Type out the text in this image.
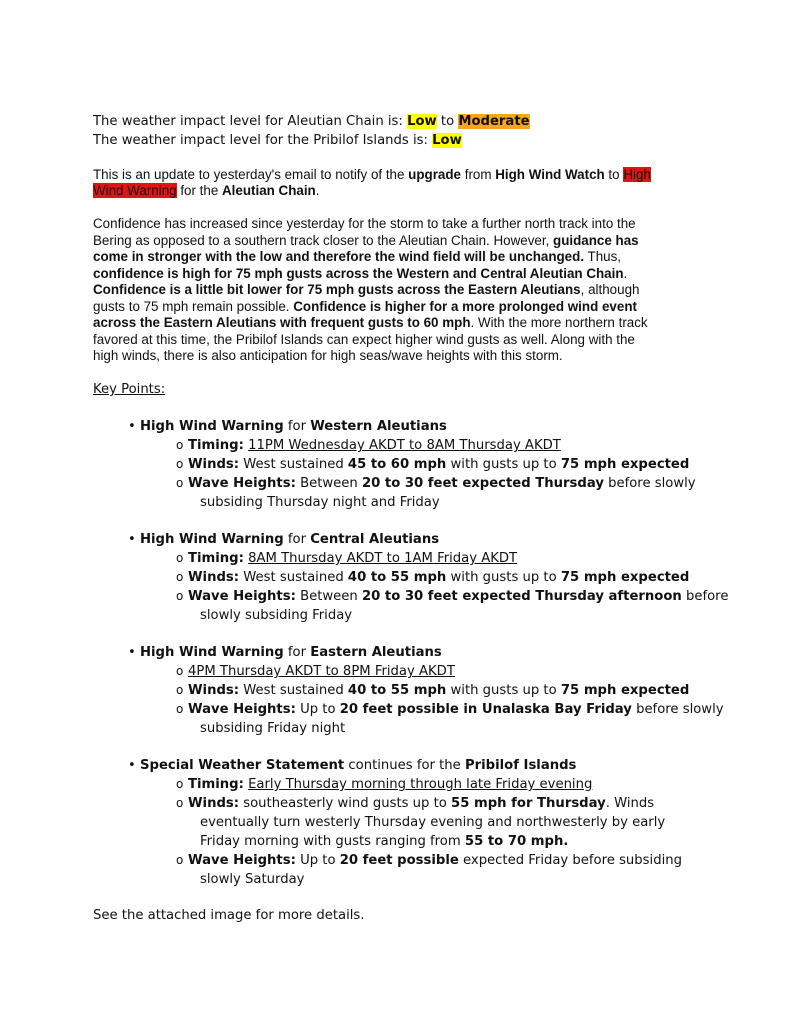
The weather impact level for Aleutian Chain is: Low to Moderate
The weather impact level for the Pribilof Islands is: Low
This is an update to yesterday's email to notify of the upgrade from High Wind Watch to High
Wind Warning for the Aleutian Chain.
Confidence has increased since yesterday for the storm to take a further north track into the
Bering as opposed to a southern track closer to the Aleutian Chain. However, guidance has
come in stronger with the low and therefore the wind field will be unchanged. Thus,
confidence is high for 75 mph gusts across the Western and Central Aleutian Chain.
Confidence is a little bit lower for 75 mph gusts across the Eastern Aleutians, although
gusts to 75 mph remain possible. Confidence is higher for a more prolonged wind event
across the Eastern Aleutians with frequent gusts to 60 mph. With the more northern track
favored at this time, the Pribilof Islands can expect higher wind gusts as well. Along with the
high winds, there is also anticipation for high seas/wave heights with this storm.
Key Points:
• High Wind Warning for Western Aleutians
o Timing: 11PM Wednesday AKDT to 8AM Thursday AKDT
o Winds: West sustained 45 to 60 mph with gusts up to 75 mph expected
o Wave Heights: Between 20 to 30 feet expected Thursday before slowly
subsiding Thursday night and Friday
• High Wind Warning for Central Aleutians
o Timing: 8AM Thursday AKDT to 1AM Friday AKDT
o Winds: West sustained 40 to 55 mph with gusts up to 75 mph expected
o Wave Heights: Between 20 to 30 feet expected Thursday afternoon before
slowly subsiding Friday
• High Wind Warning for Eastern Aleutians
o 4PM Thursday AKDT to 8PM Friday AKDT
o Winds: West sustained 40 to 55 mph with gusts up to 75 mph expected
o Wave Heights: Up to 20 feet possible in Unalaska Bay Friday before slowly
subsiding Friday night
• Special Weather Statement continues for the Pribilof Islands
o Timing: Early Thursday morning through late Friday evening
o Winds: southeasterly wind gusts up to 55 mph for Thursday. Winds
eventually turn westerly Thursday evening and northwesterly by early
Friday morning with gusts ranging from 55 to 70 mph.
o Wave Heights: Up to 20 feet possible expected Friday before subsiding
slowly Saturday
See the attached image for more details.
